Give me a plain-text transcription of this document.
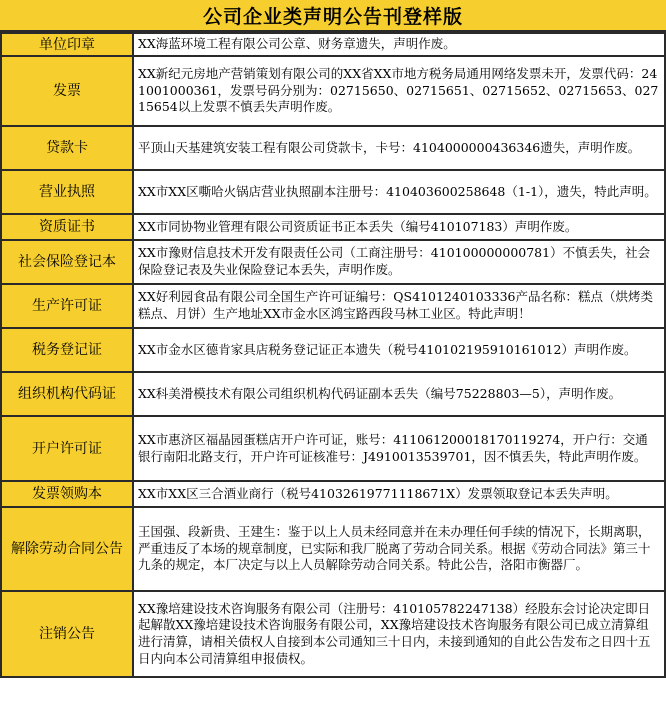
公司企业类声明公告刊登样版
单位印章	XX海蓝环境工程有限公司公章、财务章遗失，声明作废。
发票	XX新纪元房地产营销策划有限公司的XX省XX市地方税务局通用网络发票未开，发票代码：241001000361，发票号码分别为：02715650、02715651、02715652、02715653、02715654以上发票不慎丢失声明作废。
贷款卡	平顶山天基建筑安装工程有限公司贷款卡，卡号：4104000000436346遗失，声明作废。
营业执照	XX市XX区嘶哈火锅店营业执照副本注册号：410403600258648（1-1），遗失，特此声明。
资质证书	XX市同协物业管理有限公司资质证书正本丢失（编号410107183）声明作废。
社会保险登记本	XX市豫财信息技术开发有限责任公司（工商注册号：410100000000781）不慎丢失，社会保险登记表及失业保险登记本丢失，声明作废。
生产许可证	XX好利园食品有限公司全国生产许可证编号：QS4101240103336产品名称：糕点（烘烤类糕点、月饼）生产地址XX市金水区鸿宝路西段马林工业区。特此声明！
税务登记证	XX市金水区德肯家具店税务登记证正本遗失（税号410102195910161012）声明作废。
组织机构代码证	XX科美滑模技术有限公司组织机构代码证副本丢失（编号75228803—5），声明作废。
开户许可证	XX市惠济区福晶园蛋糕店开户许可证，账号：41106120001817011927​4，开户行：交通银行南阳北路支行，开户许可证核准号：J4910013539701，因不慎丢失，特此声明作废。
发票领购本	XX市XX区三合酒业商行（税号41032619771118671X）发票领取登记本丢失声明。
解除劳动合同公告	王国强、段新贵、王建生：鉴于以上人员未经同意并在未办理任何手续的情况下，长期离职，严重违反了本场的规章制度，已实际和我厂脱离了劳动合同关系。根据《劳动合同法》第三十九条的规定，本厂决定与以上人员解除劳动合同关系。特此公告，洛阳市衡器厂。
注销公告	XX豫培建设技术咨询服务有限公司（注册号：410105782247138）经股东会讨论决定即日起解散XX豫培建设技术咨询服务有限公司，XX豫培建设技术咨询服务有限公司已成立清算组进行清算，请相关债权人自接到本公司通知三十日内，未接到通知的自此公告发布之日四十五日内向本公司清算组申报债权。
